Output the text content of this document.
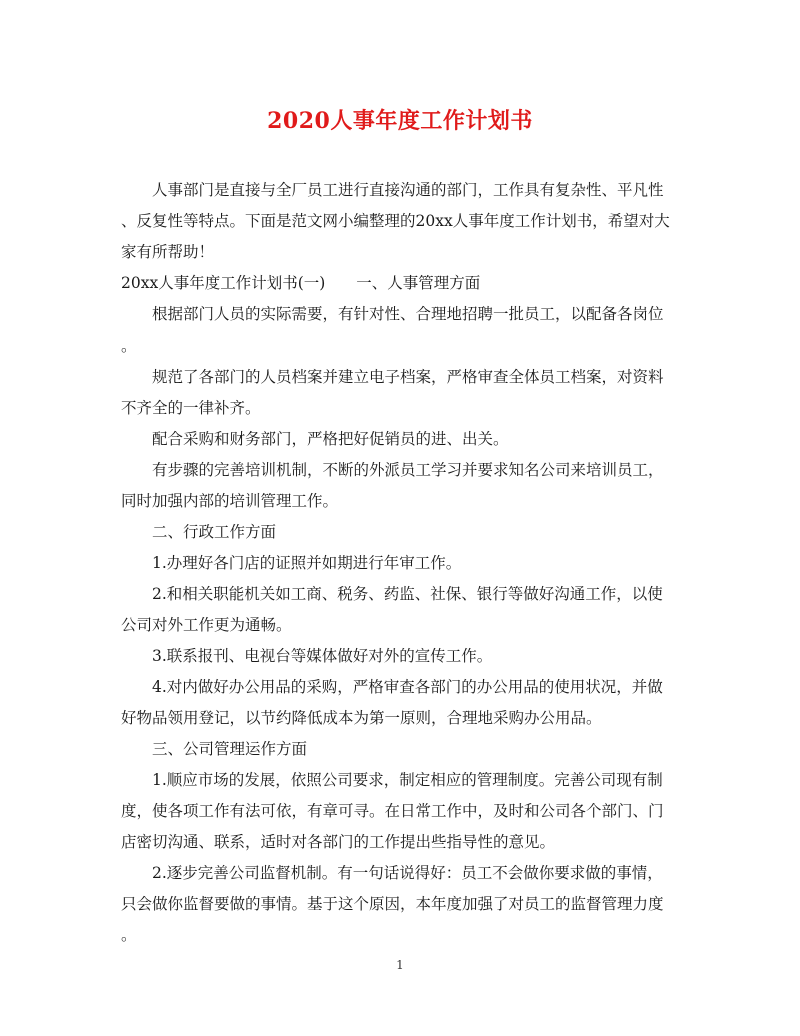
2020人事年度工作计划书
人事部门是直接与全厂员工进行直接沟通的部门，工作具有复杂性、平凡性
、反复性等特点。下面是范文网小编整理的20xx人事年度工作计划书，希望对大
家有所帮助！
20xx人事年度工作计划书(一)　　一、人事管理方面
根据部门人员的实际需要，有针对性、合理地招聘一批员工，以配备各岗位
。
规范了各部门的人员档案并建立电子档案，严格审查全体员工档案，对资料
不齐全的一律补齐。
配合采购和财务部门，严格把好促销员的进、出关。
有步骤的完善培训机制，不断的外派员工学习并要求知名公司来培训员工，
同时加强内部的培训管理工作。
二、行政工作方面
1.办理好各门店的证照并如期进行年审工作。
2.和相关职能机关如工商、税务、药监、社保、银行等做好沟通工作，以使
公司对外工作更为通畅。
3.联系报刊、电视台等媒体做好对外的宣传工作。
4.对内做好办公用品的采购，严格审查各部门的办公用品的使用状况，并做
好物品领用登记，以节约降低成本为第一原则，合理地采购办公用品。
三、公司管理运作方面
1.顺应市场的发展，依照公司要求，制定相应的管理制度。完善公司现有制
度，使各项工作有法可依，有章可寻。在日常工作中，及时和公司各个部门、门
店密切沟通、联系，适时对各部门的工作提出些指导性的意见。
2.逐步完善公司监督机制。有一句话说得好：员工不会做你要求做的事情，
只会做你监督要做的事情。基于这个原因，本年度加强了对员工的监督管理力度
。
1
